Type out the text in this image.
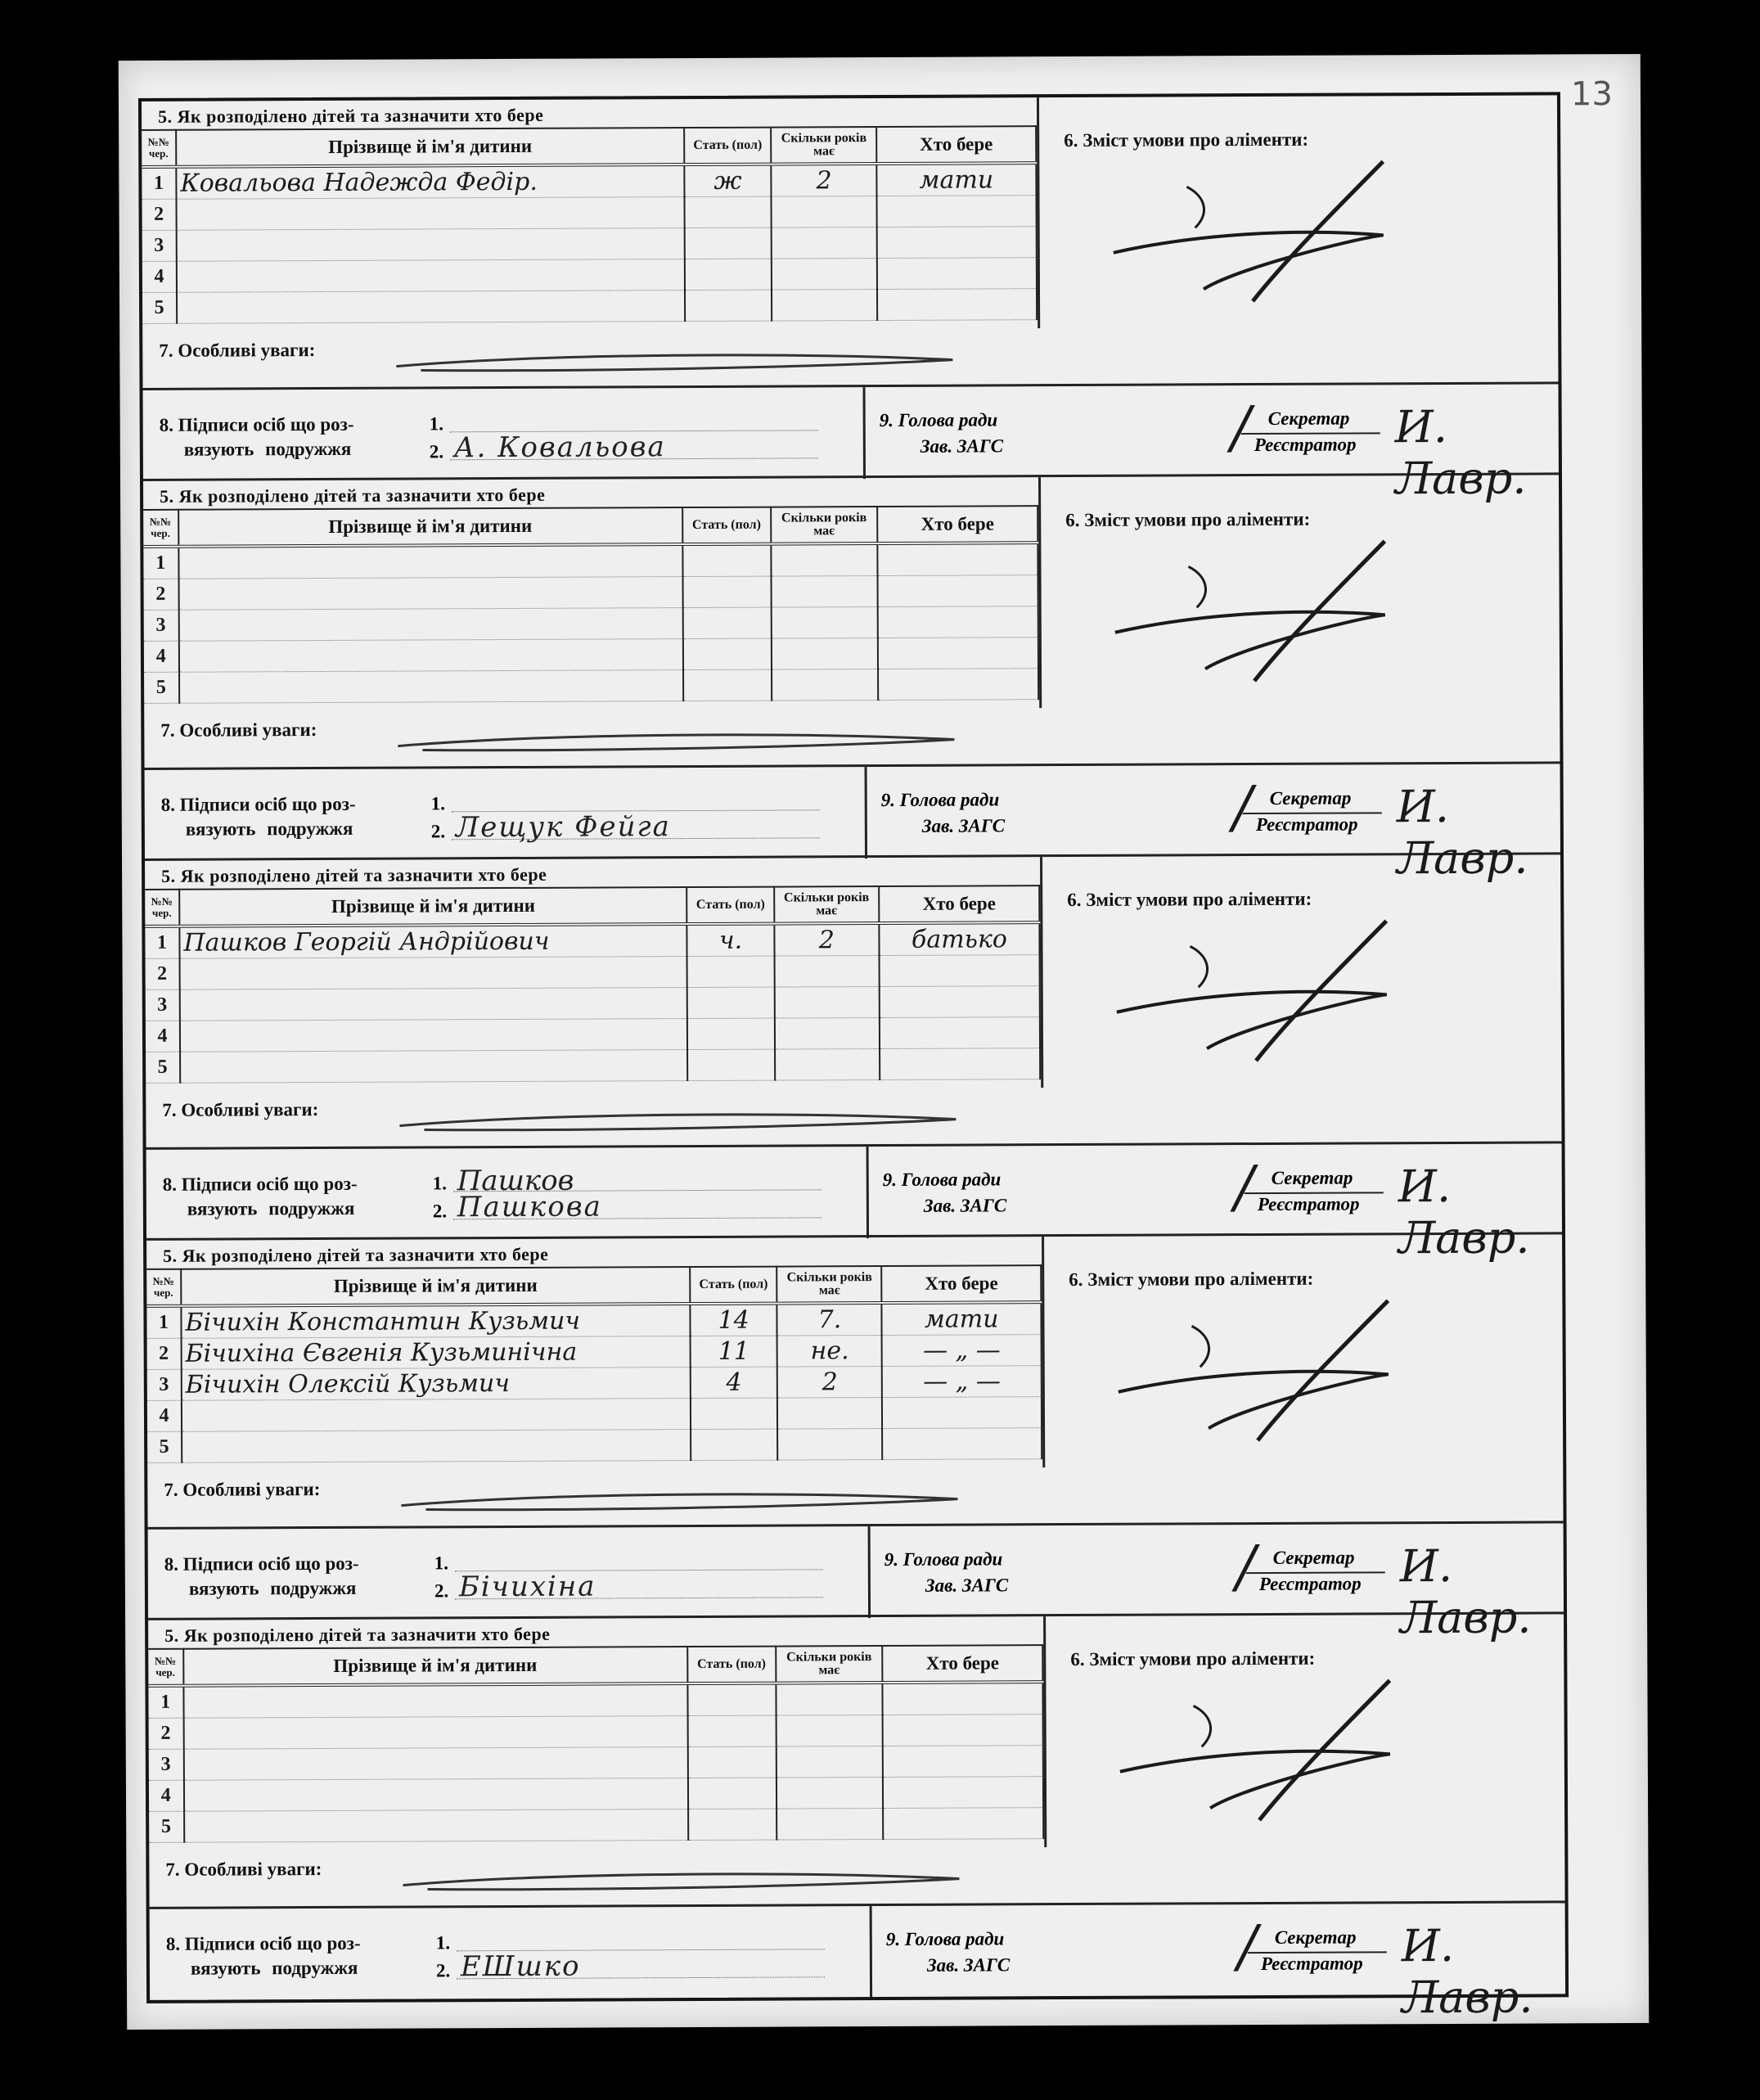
13
5. Як розподілено дітей та зазначити хто бере
№№ чер.	Прізвище й ім'я дитини	Стать (пол)	Скільки років має	Хто бере
1	Ковальова Надежда Федір.	ж	2	мати
2				
3				
4				
5				
6. Зміст умови про аліменти:
7. Особливі уваги:
8. Підписи осіб що роз-
вязують подружжя
1.
2. А. Ковальова
9. Голова ради
Зав. ЗАГС	/ Секретар
Реєстратор И. Лавр.
5. Як розподілено дітей та зазначити хто бере
№№ чер.	Прізвище й ім'я дитини	Стать (пол)	Скільки років має	Хто бере
1				
2				
3				
4				
5				
6. Зміст умови про аліменти:
7. Особливі уваги:
8. Підписи осіб що роз-
вязують подружжя
1.
2. Лещук Фейга
9. Голова ради
Зав. ЗАГС	/ Секретар
Реєстратор И. Лавр.
5. Як розподілено дітей та зазначити хто бере
№№ чер.	Прізвище й ім'я дитини	Стать (пол)	Скільки років має	Хто бере
1	Пашков Георгій Андрійович	ч.	2	батько
2				
3				
4				
5				
6. Зміст умови про аліменти:
7. Особливі уваги:
8. Підписи осіб що роз-
вязують подружжя
1.
2.
Пашков
Пашкова
9. Голова ради
Зав. ЗАГС	/ Секретар
Реєстратор И. Лавр.
5. Як розподілено дітей та зазначити хто бере
№№ чер.	Прізвище й ім'я дитини	Стать (пол)	Скільки років має	Хто бере
1	Бічихін Константин Кузьмич	14	7.	мати
2	Бічихіна Євгенія Кузьминічна	11	не.	— „ —
3	Бічихін Олексій Кузьмич	4	2	— „ —
4				
5				
6. Зміст умови про аліменти:
7. Особливі уваги:
8. Підписи осіб що роз-
вязують подружжя
1.
2. Бічихіна
9. Голова ради
Зав. ЗАГС	/ Секретар
Реєстратор И. Лавр.
5. Як розподілено дітей та зазначити хто бере
№№ чер.	Прізвище й ім'я дитини	Стать (пол)	Скільки років має	Хто бере
1				
2				
3				
4				
5				
6. Зміст умови про аліменти:
7. Особливі уваги:
8. Підписи осіб що роз-
вязують подружжя
1.
2. ЕШшко
9. Голова ради
Зав. ЗАГС	/ Секретар
Реєстратор И. Лавр.
